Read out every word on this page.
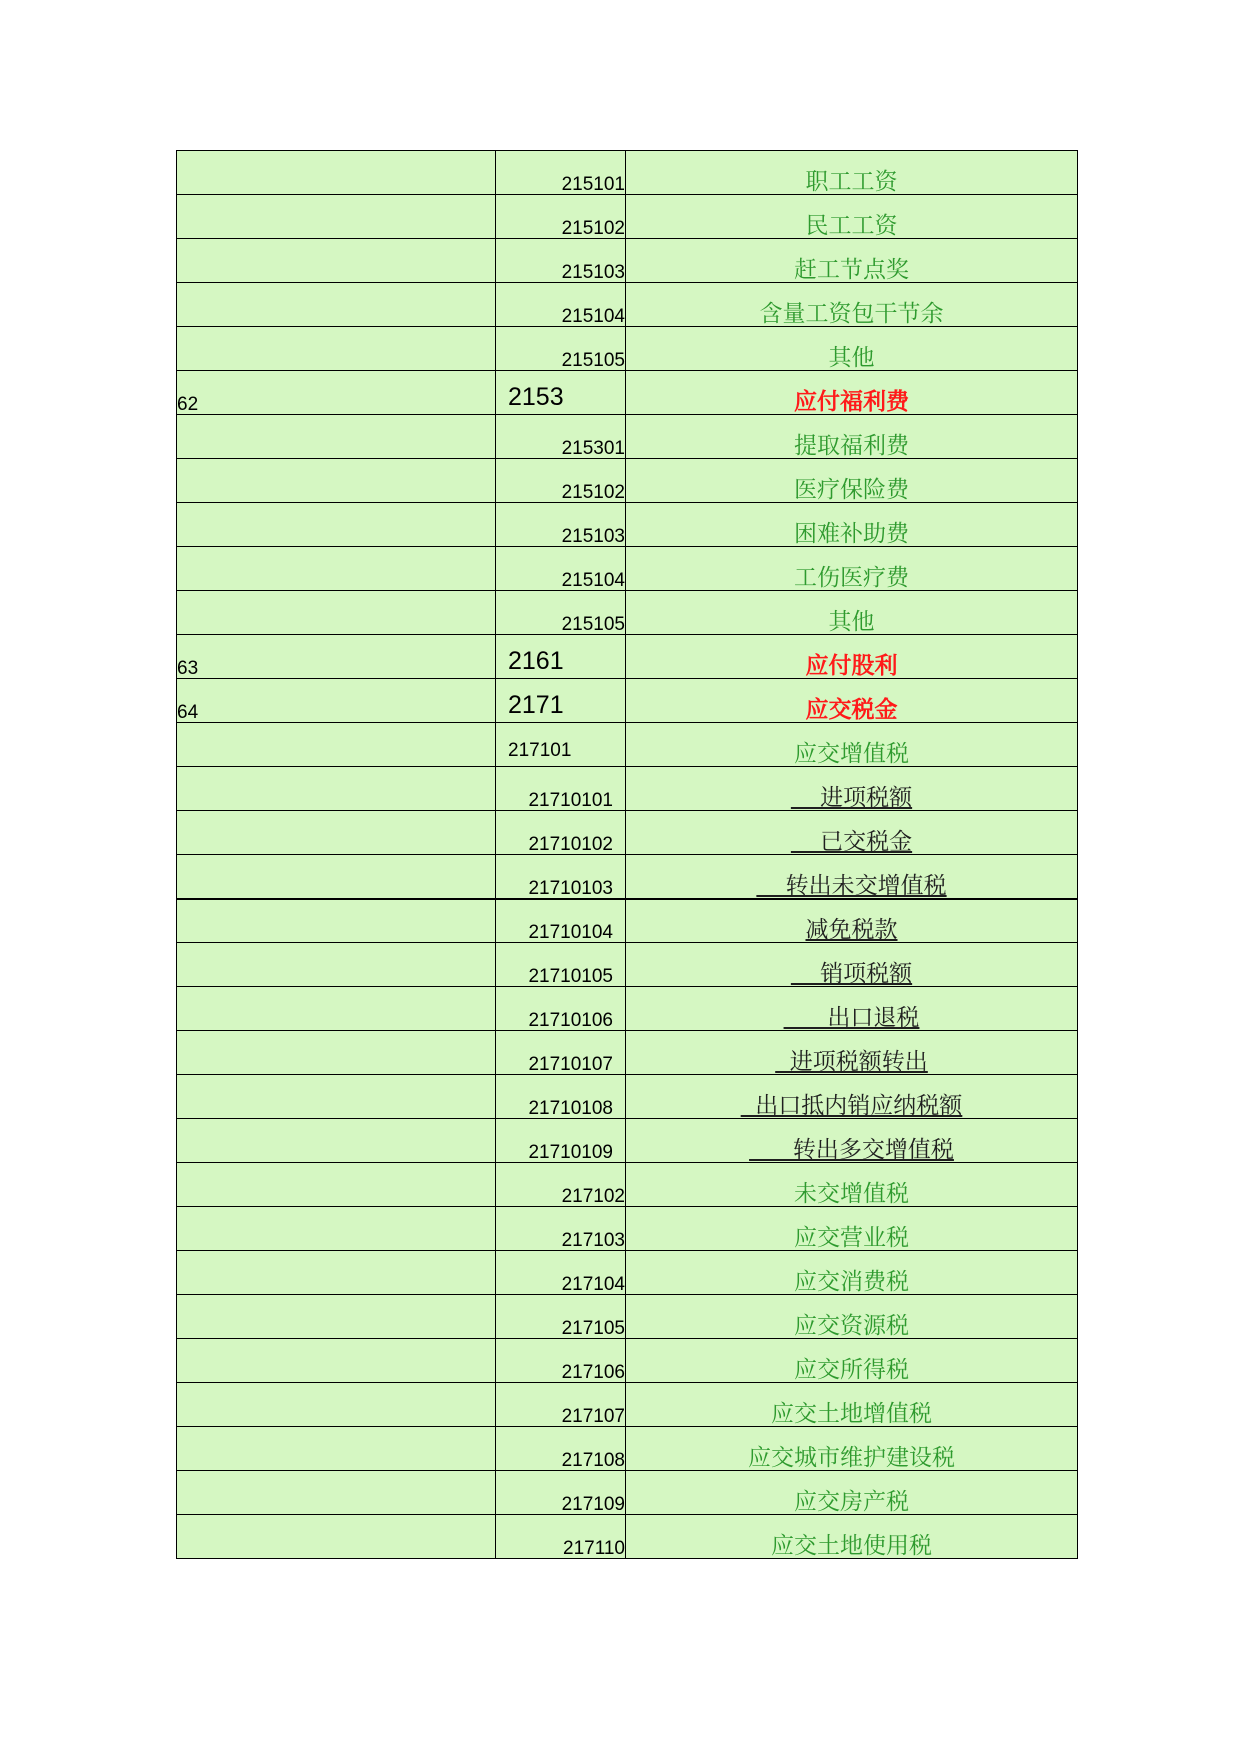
	215101	职工工资
	215102	民工工资
	215103	赶工节点奖
	215104	含量工资包干节余
	215105	其他
62	2153	应付福利费
	215301	提取福利费
	215102	医疗保险费
	215103	困难补助费
	215104	工伤医疗费
	215105	其他
63	2161	应付股利
64	2171	应交税金
	217101	应交增值税
	21710101	进项税额
	21710102	已交税金
	21710103	转出未交增值税
	21710104	减免税款
	21710105	销项税额
	21710106	出口退税
	21710107	进项税额转出
	21710108	出口抵内销应纳税额
	21710109	转出多交增值税
	217102	未交增值税
	217103	应交营业税
	217104	应交消费税
	217105	应交资源税
	217106	应交所得税
	217107	应交土地增值税
	217108	应交城市维护建设税
	217109	应交房产税
	217110	应交土地使用税
